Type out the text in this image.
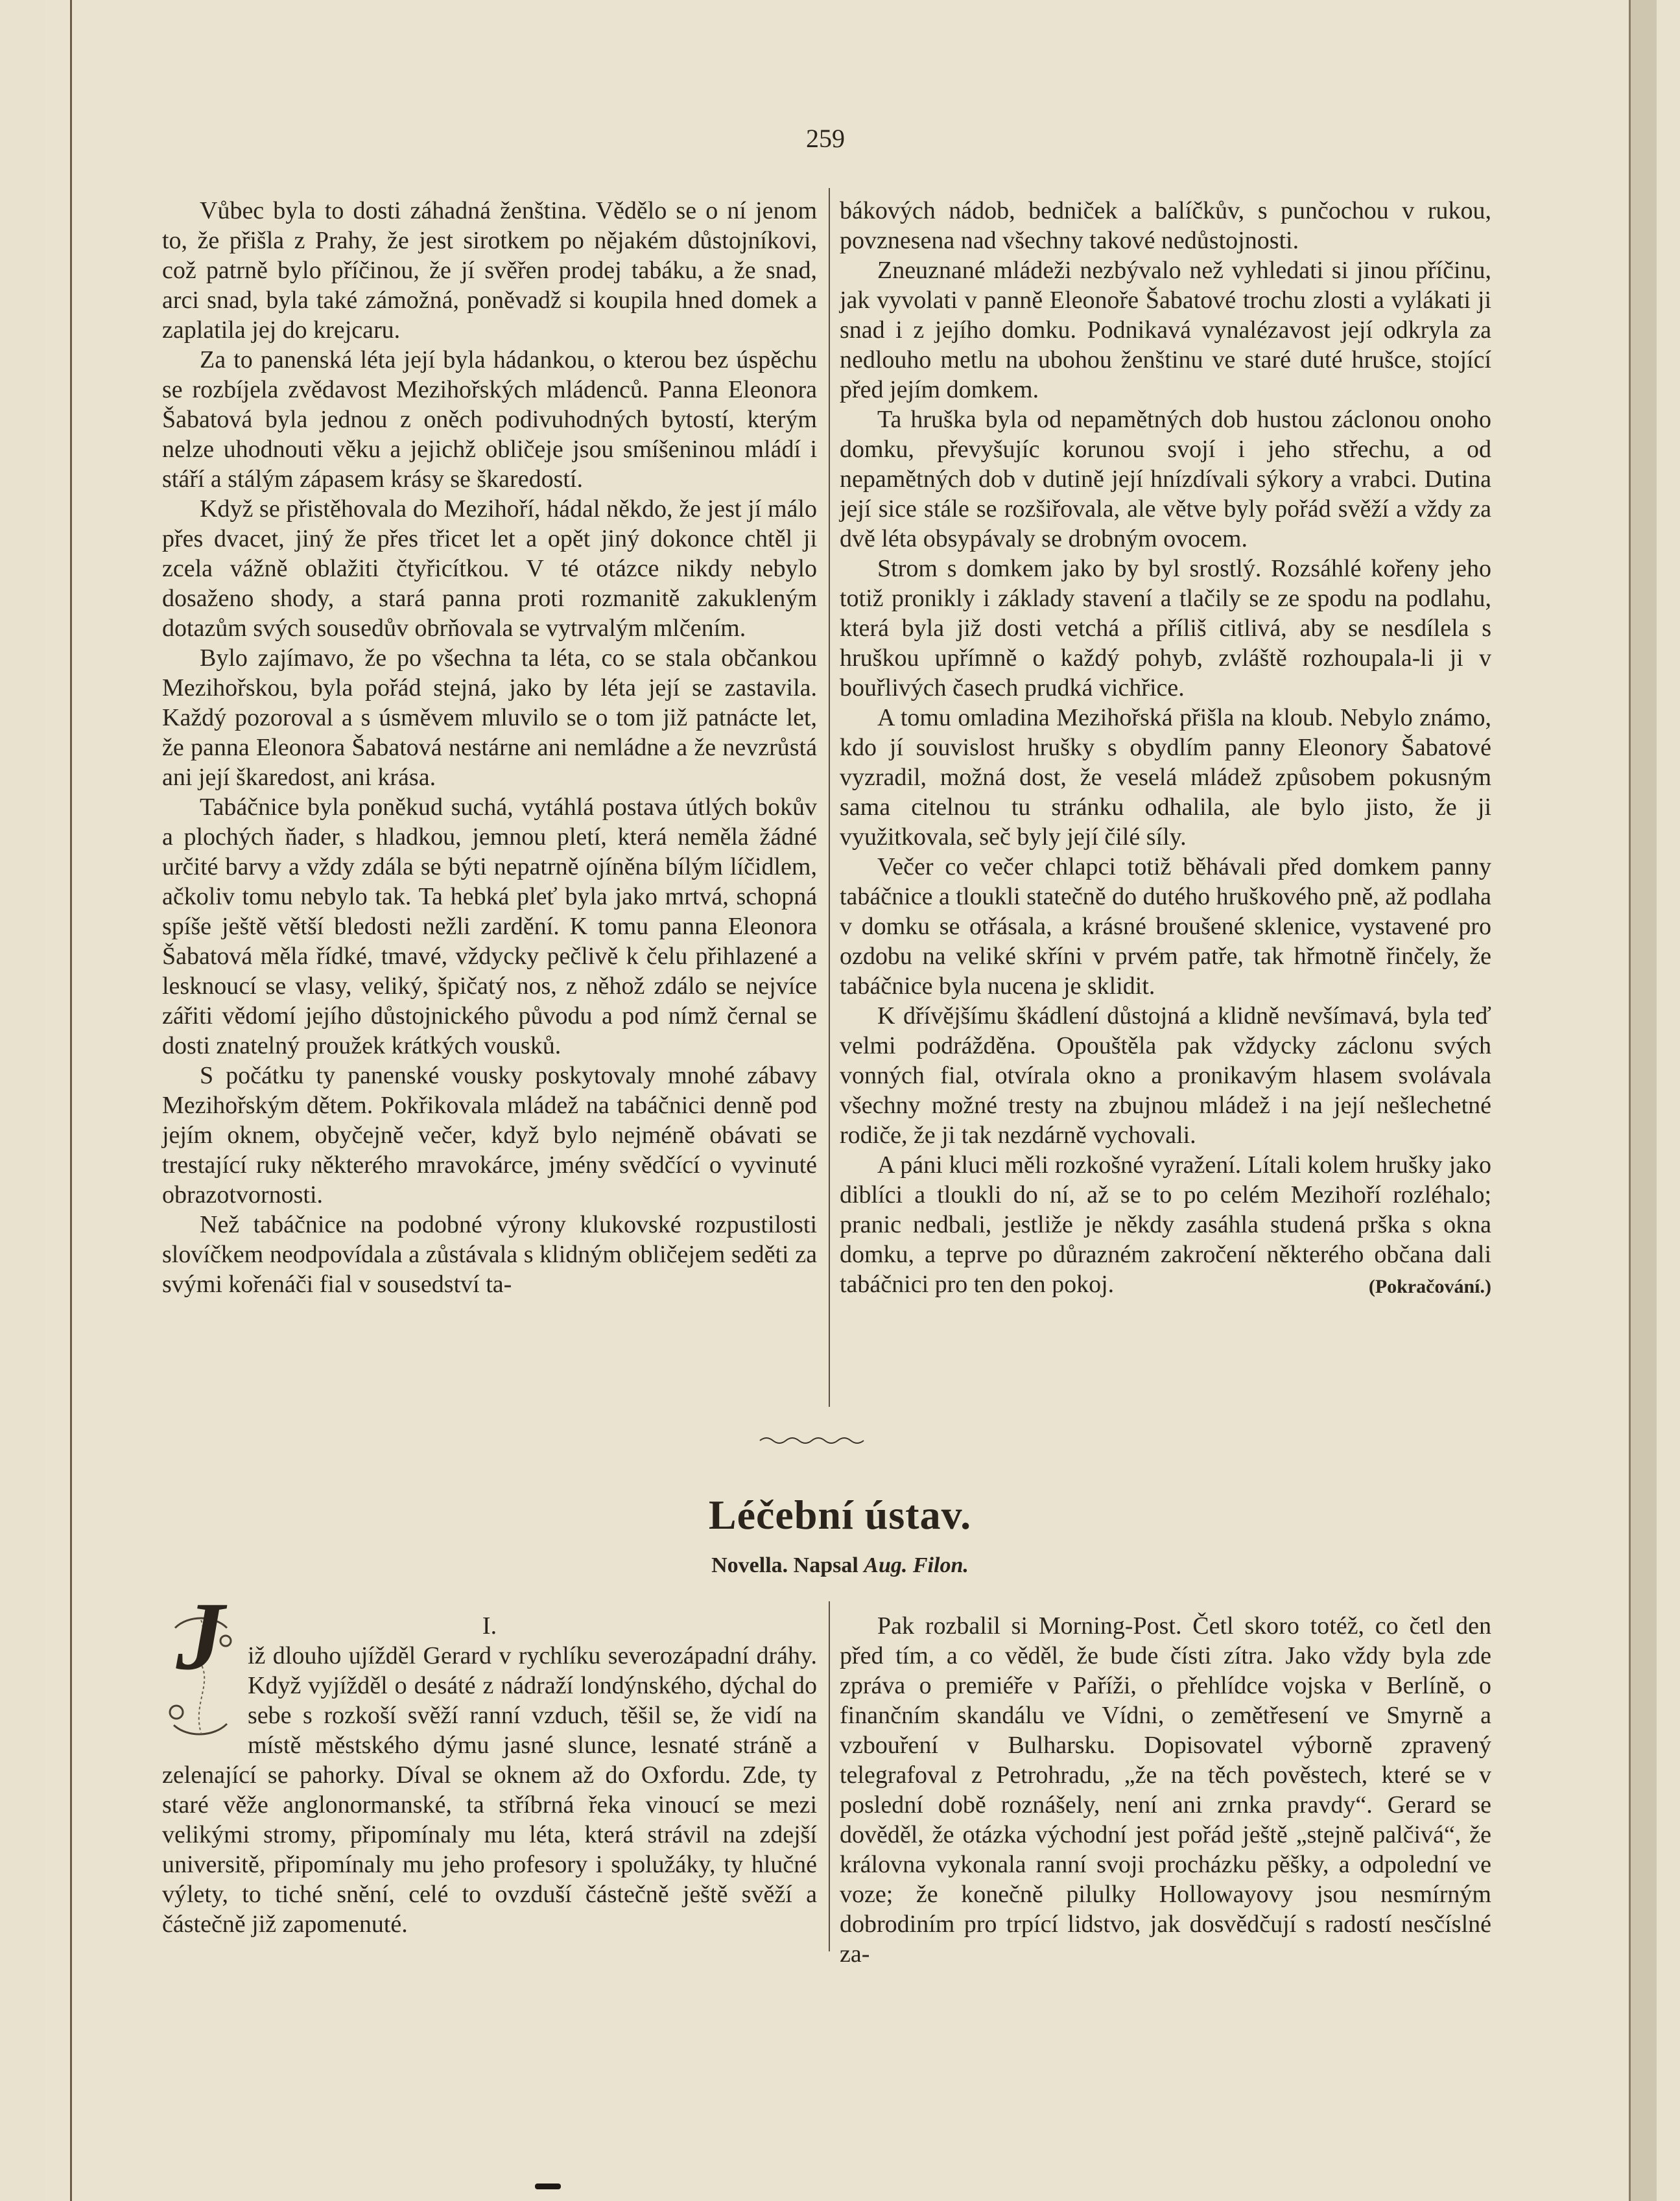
259

Vůbec byla to dosti záhadná ženština. Vědělo se o ní jenom to, že přišla z Prahy, že jest sirotkem po nějakém důstojníkovi, což patrně bylo příčinou, že jí svěřen prodej tabáku, a že snad, arci snad, byla také zámožná, poněvadž si koupila hned domek a zaplatila jej do krejcaru.

Za to panenská léta její byla hádankou, o kterou bez úspěchu se rozbíjela zvědavost Mezihořských mládenců. Panna Eleonora Šabatová byla jednou z oněch podivuhodných bytostí, kterým nelze uhodnouti věku a jejichž obličeje jsou smíšeninou mládí i stáří a stálým zápasem krásy se škaredostí.

Když se přistěhovala do Mezihoří, hádal někdo, že jest jí málo přes dvacet, jiný že přes třicet let a opět jiný dokonce chtěl ji zcela vážně oblažiti čtyřicítkou. V té otázce nikdy nebylo dosaženo shody, a stará panna proti rozmanitě zakukleným dotazům svých sousedův obrňovala se vytrvalým mlčením.

Bylo zajímavo, že po všechna ta léta, co se stala občankou Mezihořskou, byla pořád stejná, jako by léta její se zastavila. Každý pozoroval a s úsměvem mluvilo se o tom již patnácte let, že panna Eleonora Šabatová nestárne ani nemládne a že nevzrůstá ani její škaredost, ani krása.

Tabáčnice byla poněkud suchá, vytáhlá postava útlých bokův a plochých ňader, s hladkou, jemnou pletí, která neměla žádné určité barvy a vždy zdála se býti nepatrně ojíněna bílým líčidlem, ačkoliv tomu nebylo tak. Ta hebká pleť byla jako mrtvá, schopná spíše ještě větší bledosti nežli zardění. K tomu panna Eleonora Šabatová měla řídké, tmavé, vždycky pečlivě k čelu přihlazené a lesknoucí se vlasy, veliký, špičatý nos, z něhož zdálo se nejvíce zářiti vědomí jejího důstojnického původu a pod nímž černal se dosti znatelný proužek krátkých vousků.

S počátku ty panenské vousky poskytovaly mnohé zábavy Mezihořským dětem. Pokřikovala mládež na tabáčnici denně pod jejím oknem, obyčejně večer, když bylo nejméně obávati se trestající ruky některého mravokárce, jmény svědčící o vyvinuté obrazotvornosti.

Než tabáčnice na podobné výrony klukovské rozpustilosti slovíčkem neodpovídala a zůstávala s klidným obličejem seděti za svými kořenáči fial v sousedství ta-

bákových nádob, bedniček a balíčkův, s punčochou v rukou, povznesena nad všechny takové nedůstojnosti.

Zneuznané mládeži nezbývalo než vyhledati si jinou příčinu, jak vyvolati v panně Eleonoře Šabatové trochu zlosti a vylákati ji snad i z jejího domku. Podnikavá vynalézavost její odkryla za nedlouho metlu na ubohou ženštinu ve staré duté hrušce, stojící před jejím domkem.

Ta hruška byla od nepamětných dob hustou záclonou onoho domku, převyšujíc korunou svojí i jeho střechu, a od nepamětných dob v dutině její hnízdívali sýkory a vrabci. Dutina její sice stále se rozšiřovala, ale větve byly pořád svěží a vždy za dvě léta obsypávaly se drobným ovocem.

Strom s domkem jako by byl srostlý. Rozsáhlé kořeny jeho totiž pronikly i základy stavení a tlačily se ze spodu na podlahu, která byla již dosti vetchá a příliš citlivá, aby se nesdílela s hruškou upřímně o každý pohyb, zvláště rozhoupala-li ji v bouřlivých časech prudká vichřice.

A tomu omladina Mezihořská přišla na kloub. Nebylo známo, kdo jí souvislost hrušky s obydlím panny Eleonory Šabatové vyzradil, možná dost, že veselá mládež způsobem pokusným sama citelnou tu stránku odhalila, ale bylo jisto, že ji využitkovala, seč byly její čilé síly.

Večer co večer chlapci totiž běhávali před domkem panny tabáčnice a tloukli statečně do dutého hruškového pně, až podlaha v domku se otřásala, a krásné broušené sklenice, vystavené pro ozdobu na veliké skříni v prvém patře, tak hřmotně řinčely, že tabáčnice byla nucena je sklidit.

K dřívějšímu škádlení důstojná a klidně nevšímavá, byla teď velmi podrážděna. Opouštěla pak vždycky záclonu svých vonných fial, otvírala okno a pronikavým hlasem svolávala všechny možné tresty na zbujnou mládež i na její nešlechetné rodiče, že ji tak nezdárně vychovali.

A páni kluci měli rozkošné vyražení. Lítali kolem hrušky jako diblíci a tloukli do ní, až se to po celém Mezihoří rozléhalo; pranic nedbali, jestliže je někdy zasáhla studená prška s okna domku, a teprve po důrazném zakročení některého občana dali tabáčnici pro ten den pokoj.	(Pokračování.)

Léčební ústav.
Novella. Napsal Aug. Filon.
I.

J iž dlouho ujížděl Gerard v rychlíku severozápadní dráhy. Když vyjížděl o desáté z nádraží londýnského, dýchal do sebe s rozkoší svěží ranní vzduch, těšil se, že vidí na místě městského dýmu jasné slunce, lesnaté stráně a zelenající se pahorky. Díval se oknem až do Oxfordu. Zde, ty staré věže anglonormanské, ta stříbrná řeka vinoucí se mezi velikými stromy, připomínaly mu léta, která strávil na zdejší universitě, připomínaly mu jeho profesory i spolužáky, ty hlučné výlety, to tiché snění, celé to ovzduší částečně ještě svěží a částečně již zapomenuté.

Pak rozbalil si Morning-Post. Četl skoro totéž, co četl den před tím, a co věděl, že bude čísti zítra. Jako vždy byla zde zpráva o premiéře v Paříži, o přehlídce vojska v Berlíně, o finančním skandálu ve Vídni, o zemětřesení ve Smyrně a vzbouření v Bulharsku. Dopisovatel výborně zpravený telegrafoval z Petrohradu, „že na těch pověstech, které se v poslední době roznášely, není ani zrnka pravdy“. Gerard se dověděl, že otázka východní jest pořád ještě „stejně palčivá“, že královna vykonala ranní svoji procházku pěšky, a odpolední ve voze; že konečně pilulky Hollowayovy jsou nesmírným dobrodiním pro trpící lidstvo, jak dosvědčují s radostí nesčíslné za-
